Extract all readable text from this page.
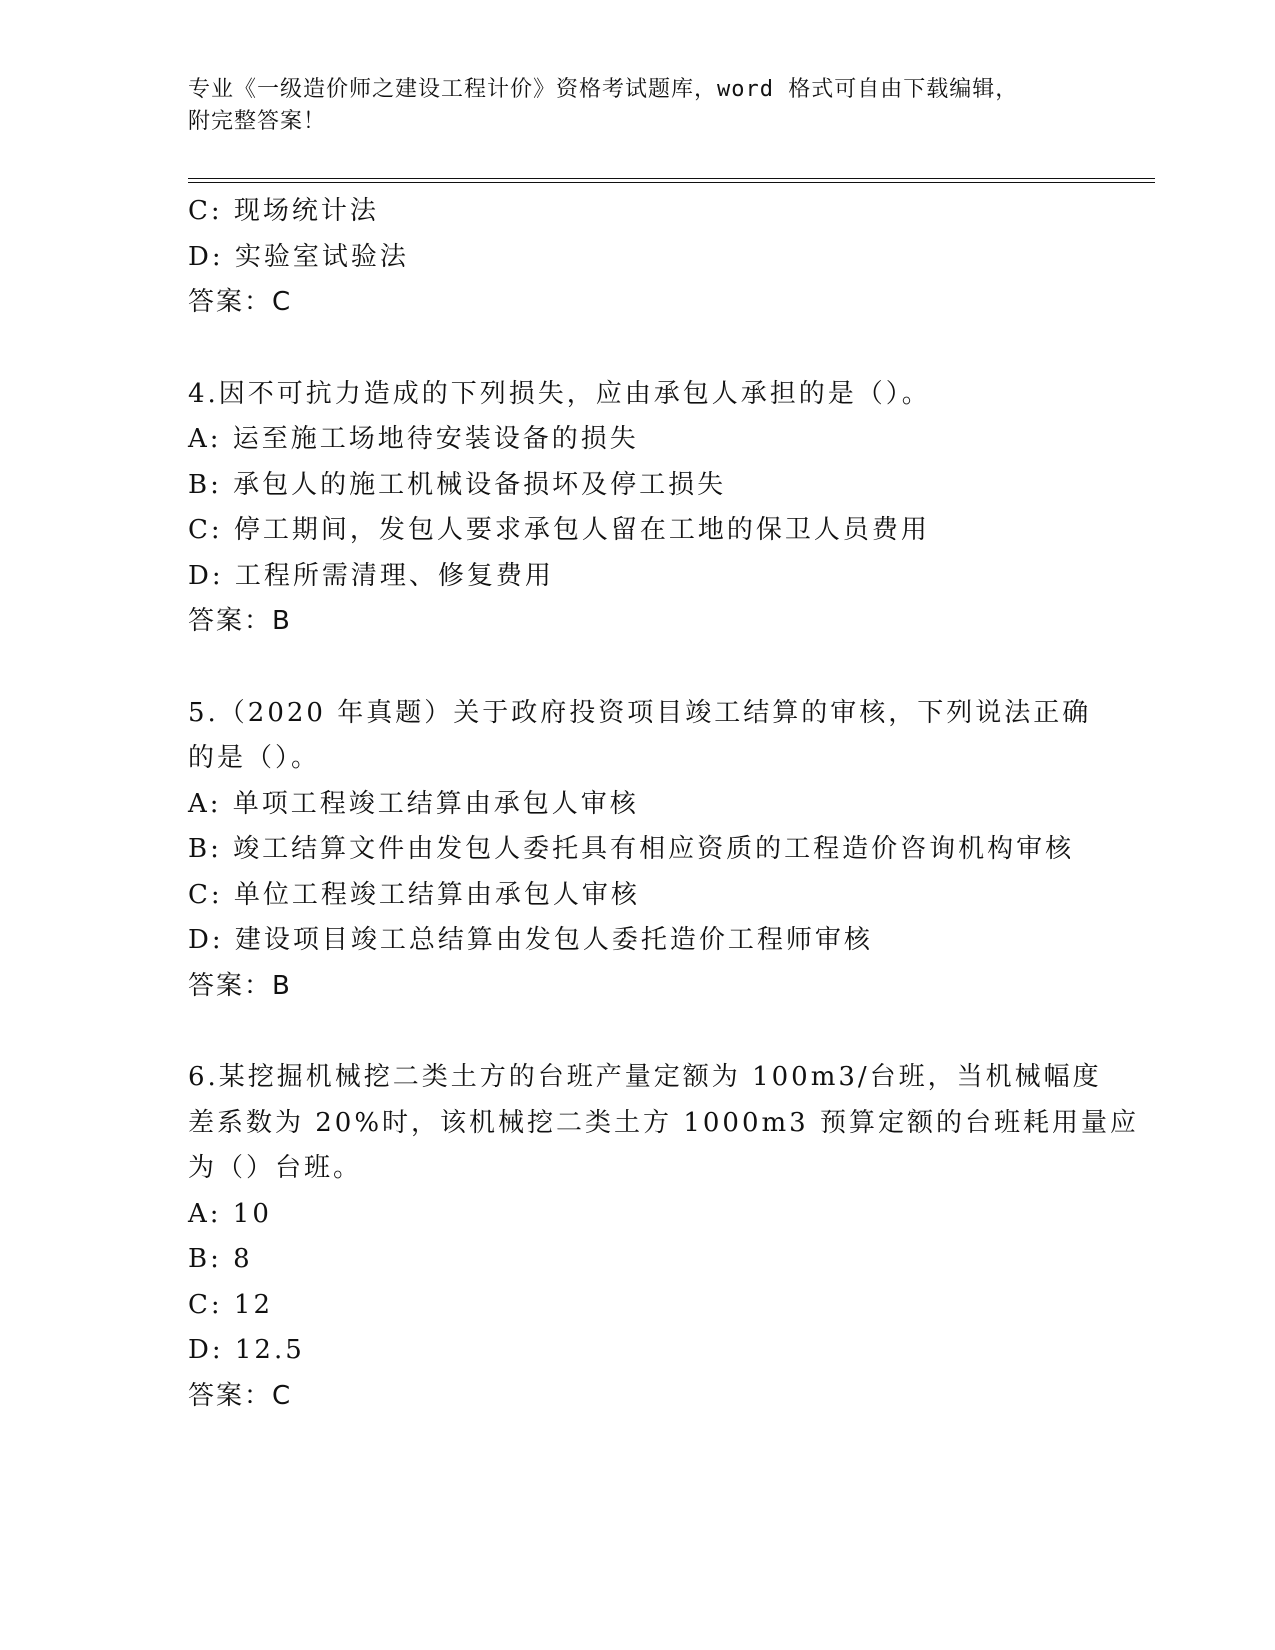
专业《一级造价师之建设工程计价》资格考试题库，word 格式可自由下载编辑，
附完整答案！
C: 现场统计法
D: 实验室试验法
答案：C
4.因不可抗力造成的下列损失，应由承包人承担的是（）。
A: 运至施工场地待安装设备的损失
B: 承包人的施工机械设备损坏及停工损失
C: 停工期间，发包人要求承包人留在工地的保卫人员费用
D: 工程所需清理、修复费用
答案：B
5.（2020 年真题）关于政府投资项目竣工结算的审核，下列说法正确
的是（）。
A: 单项工程竣工结算由承包人审核
B: 竣工结算文件由发包人委托具有相应资质的工程造价咨询机构审核
C: 单位工程竣工结算由承包人审核
D: 建设项目竣工总结算由发包人委托造价工程师审核
答案：B
6.某挖掘机械挖二类土方的台班产量定额为 100m3/台班，当机械幅度
差系数为 20%时，该机械挖二类土方 1000m3 预算定额的台班耗用量应
为（）台班。
A: 10
B: 8
C: 12
D: 12.5
答案：C
